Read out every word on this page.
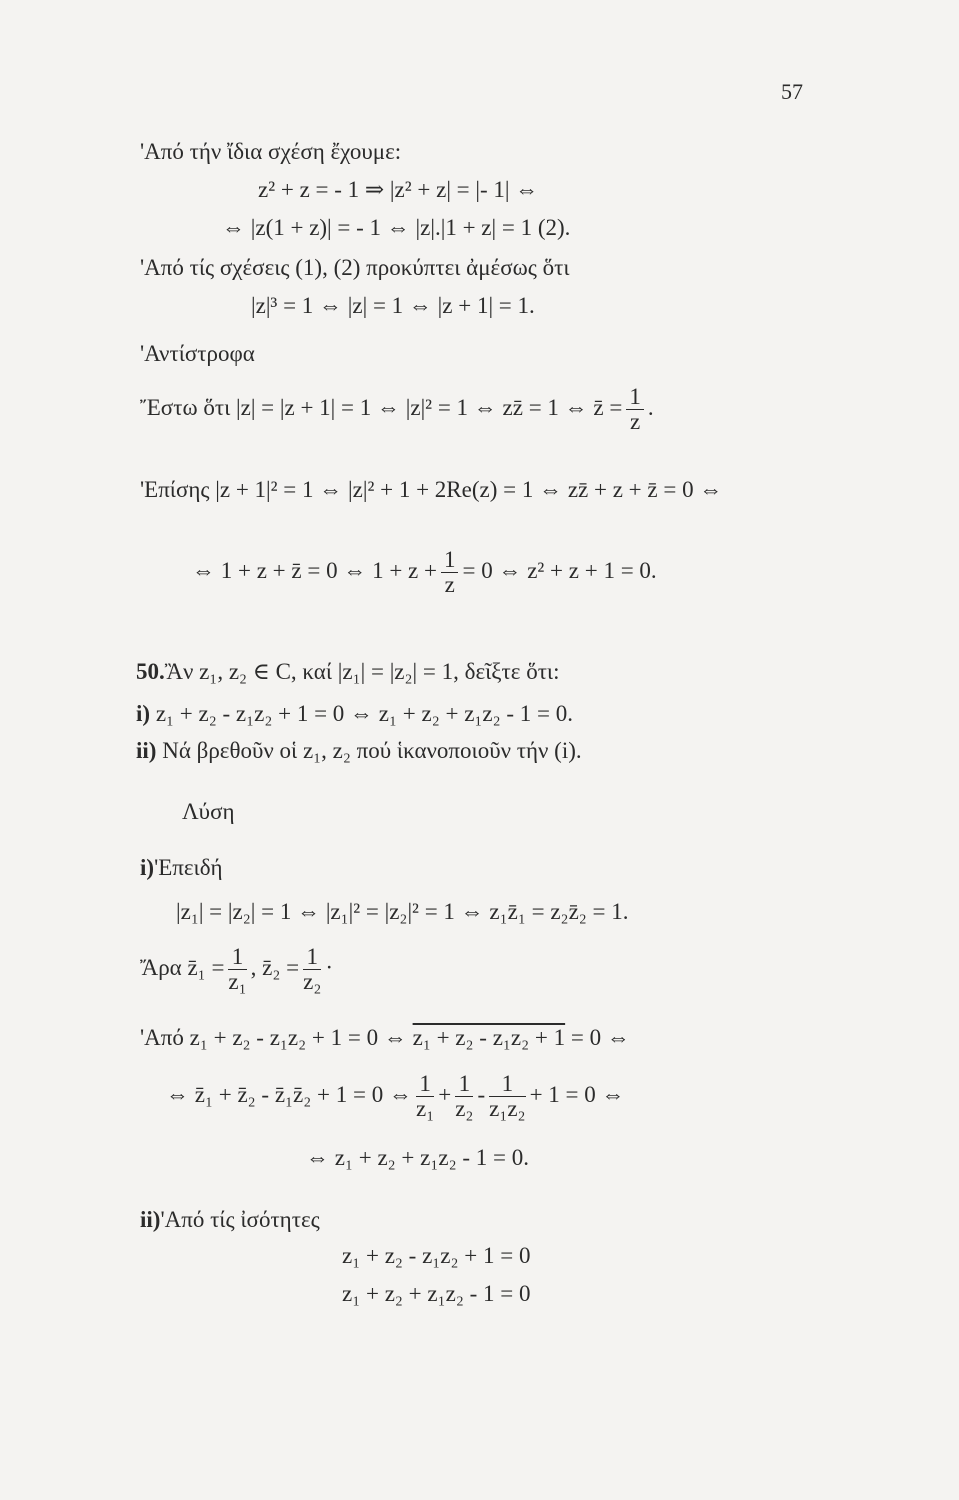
57
'Από τήν ἴδια σχέση ἔχουμε:
z² + z = - 1 ⇒ |z² + z| = |- 1| ⇔
⇔ |z(1 + z)| = - 1 ⇔ |z|.|1 + z| = 1 (2).
'Από τίς σχέσεις (1), (2) προκύπτει ἀμέσως ὅτι
|z|³ = 1 ⇔ |z| = 1 ⇔ |z + 1| = 1.
'Αντίστροφα
Ἔστω ὅτι |z| = |z + 1| = 1 ⇔ |z|² = 1 ⇔ zz̄ = 1 ⇔ z̄ = $\frac{1}{z}$ .
'Επίσης |z + 1|² = 1 ⇔ |z|² + 1 + 2Re(z) = 1 ⇔ zz̄ + z + z̄ = 0 ⇔
⇔ 1 + z + z̄ = 0 ⇔ $1 + z + \frac{1}{z} = 0$ ⇔ z² + z + 1 = 0.
50.Ἂν z₁, z₂ ∈ C, καί |z₁| = |z₂| = 1, δεῖξτε ὅτι:
i) z₁ + z₂ - z₁z₂ + 1 = 0 ⇔ z₁ + z₂ + z₁z₂ - 1 = 0.
ii) Νά βρεθοῦν οἱ z₁, z₂ πού ἱκανοποιοῦν τήν (i).
Λύση
i)'Επειδή
|z₁| = |z₂| = 1 ⇔ |z₁|² = |z₂|² = 1 ⇔ z₁z̄₁ = z₂z̄₂ = 1.
Ἄρα z̄₁ = $\frac{1}{\text{z₁}}$ , z̄₂ = $\frac{1}{\text{z₂}}$ ·
'Από z₁ + z₂ - z₁z₂ + 1 = 0 ⇔ z₁ + z₂ - z₁z₂ + 1 = 0 ⇔
⇔ z̄₁ + z̄₂ - z̄₁z̄₂ + 1 = 0 ⇔ $\frac{1}{\text{z₁}} + \frac{1}{\text{z₂}} - \frac{1}{\text{z₁z₂}} + 1 = 0$ ⇔
⇔ z₁ + z₂ + z₁z₂ - 1 = 0.
ii)'Από τίς ἰσότητες
z₁ + z₂ - z₁z₂ + 1 = 0
z₁ + z₂ + z₁z₂ - 1 = 0
